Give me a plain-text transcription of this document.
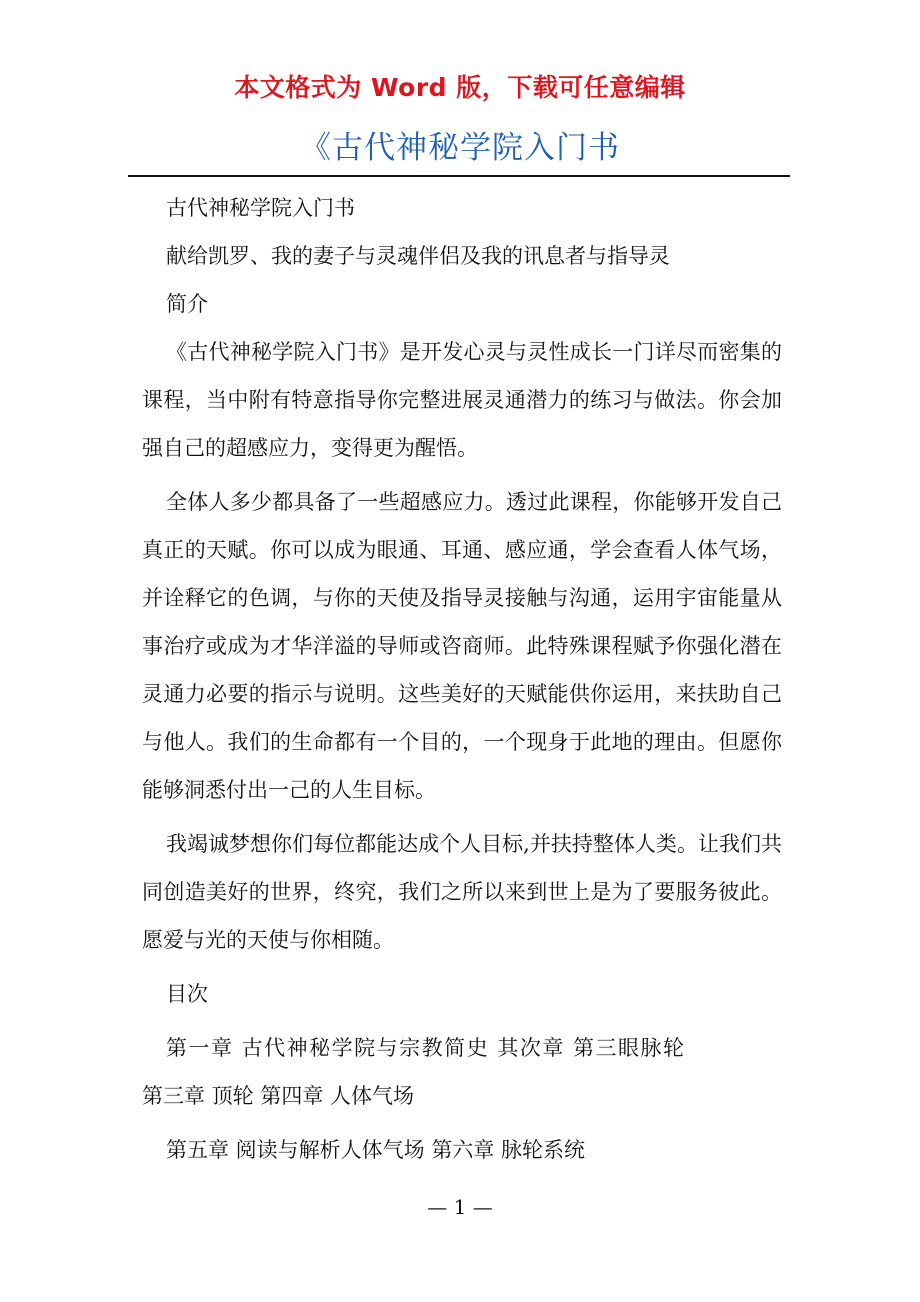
本文格式为 Word 版，下载可任意编辑
《古代神秘学院入门书
古代神秘学院入门书
献给凯罗、我的妻子与灵魂伴侣及我的讯息者与指导灵
简介

《古代神秘学院入门书》是开发心灵与灵性成长一门详尽而密集的课程，当中附有特意指导你完整进展灵通潜力的练习与做法。你会加强自己的超感应力，变得更为醒悟。

全体人多少都具备了一些超感应力。透过此课程，你能够开发自己真正的天赋。你可以成为眼通、耳通、感应通，学会查看人体气场，并诠释它的色调，与你的天使及指导灵接触与沟通，运用宇宙能量从事治疗或成为才华洋溢的导师或咨商师。此特殊课程赋予你强化潜在灵通力必要的指示与说明。这些美好的天赋能供你运用，来扶助自己与他人。我们的生命都有一个目的，一个现身于此地的理由。但愿你能够洞悉付出一己的人生目标。

我竭诚梦想你们每位都能达成个人目标,并扶持整体人类。让我们共同创造美好的世界，终究，我们之所以来到世上是为了要服务彼此。 愿爱与光的天使与你相随。

目次
第一章 古代神秘学院与宗教简史 其次章 第三眼脉轮
第三章 顶轮 第四章 人体气场
第五章 阅读与解析人体气场 第六章 脉轮系统
— 1 —
